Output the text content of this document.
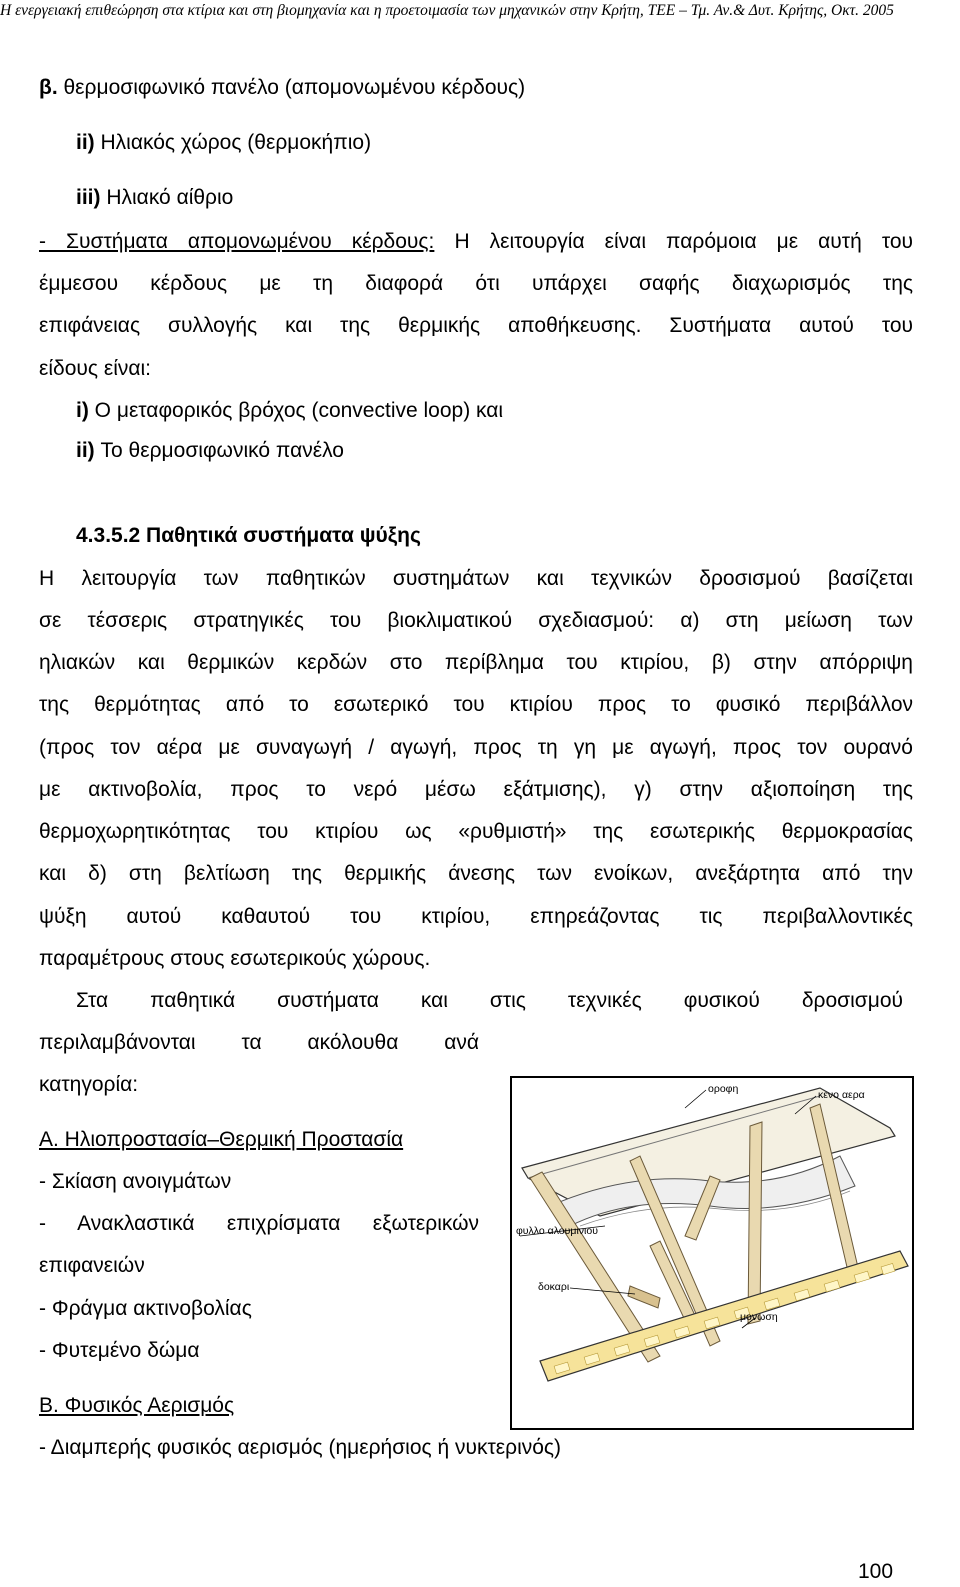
Η ενεργειακή επιθεώρηση στα κτίρια και στη βιομηχανία και η προετοιμασία των μηχανικών στην Κρήτη, ΤΕΕ – Τμ. Αν.& Δυτ. Κρήτης, Οκτ. 2005
β. θερμοσιφωνικό πανέλο (απομονωμένου κέρδους)
ii) Ηλιακός χώρος (θερμοκήπιο)
iii) Ηλιακό αίθριο
- Συστήματα απομονωμένου κέρδους: Η λειτουργία είναι παρόμοια με αυτή του
έμμεσου κέρδους με τη διαφορά ότι υπάρχει σαφής διαχωρισμός της
επιφάνειας συλλογής και της θερμικής αποθήκευσης. Συστήματα αυτού του
είδους είναι:
i) Ο μεταφορικός βρόχος (convective loop) και
ii) Το θερμοσιφωνικό πανέλο
4.3.5.2 Παθητικά συστήματα ψύξης
Η λειτουργία των παθητικών συστημάτων και τεχνικών δροσισμού βασίζεται
σε τέσσερις στρατηγικές του βιοκλιματικού σχεδιασμού: α) στη μείωση των
ηλιακών και θερμικών κερδών στο περίβλημα του κτιρίου, β) στην απόρριψη
της θερμότητας από το εσωτερικό του κτιρίου προς το φυσικό περιβάλλον
(προς τον αέρα με συναγωγή / αγωγή, προς τη γη με αγωγή, προς τον ουρανό
με ακτινοβολία, προς το νερό μέσω εξάτμισης), γ) στην αξιοποίηση της
θερμοχωρητικότητας του κτιρίου ως «ρυθμιστή» της εσωτερικής θερμοκρασίας
και δ) στη βελτίωση της θερμικής άνεσης των ενοίκων, ανεξάρτητα από την
ψύξη αυτού καθαυτού του κτιρίου, επηρεάζοντας τις περιβαλλοντικές
παραμέτρους στους εσωτερικούς χώρους.
Στα παθητικά συστήματα και στις τεχνικές φυσικού δροσισμού
περιλαμβάνονται τα ακόλουθα ανά
κατηγορία:
Α. Ηλιοπροστασία–Θερμική Προστασία
- Σκίαση ανοιγμάτων
- Ανακλαστικά επιχρίσματα εξωτερικών
επιφανειών
- Φράγμα ακτινοβολίας
- Φυτεμένο δώμα
Β. Φυσικός Αερισμός
- Διαμπερής φυσικός αερισμός (ημερήσιος ή νυκτερινός)
οροφη	κενο αερα
φυλλο αλουμινιου
δοκαρι
μονωση
100
